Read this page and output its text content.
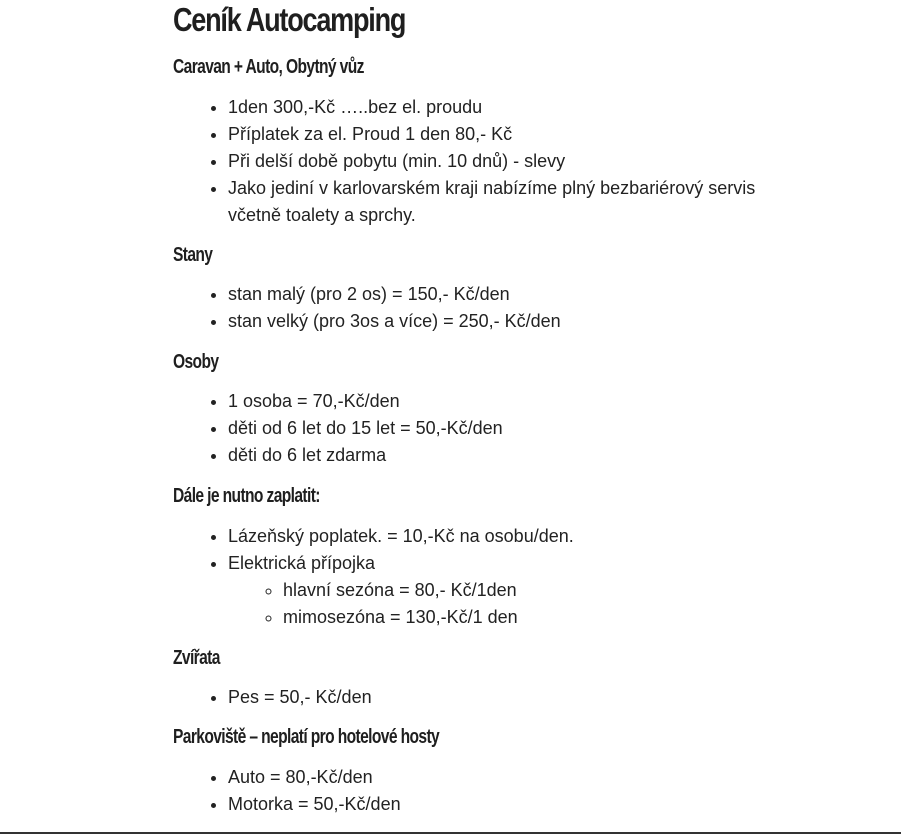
Ceník Autocamping
Caravan + Auto, Obytný vůz
• 1den 300,-Kč …..bez el. proudu
• Příplatek za el. Proud 1 den 80,- Kč
• Při delší době pobytu (min. 10 dnů) - slevy
• Jako jediní v karlovarském kraji nabízíme plný bezbariérový servis včetně toalety a sprchy.
Stany
• stan malý (pro 2 os) = 150,- Kč/den
• stan velký (pro 3os a více) = 250,- Kč/den
Osoby
• 1 osoba = 70,-Kč/den
• děti od 6 let do 15 let = 50,-Kč/den
• děti do 6 let zdarma
Dále je nutno zaplatit:
• Lázeňský poplatek. = 10,-Kč na osobu/den.
• Elektrická přípojka
◦ hlavní sezóna = 80,- Kč/1den
◦ mimosezóna = 130,-Kč/1 den
Zvířata
• Pes = 50,- Kč/den
Parkoviště – neplatí pro hotelové hosty
• Auto = 80,-Kč/den
• Motorka = 50,-Kč/den
